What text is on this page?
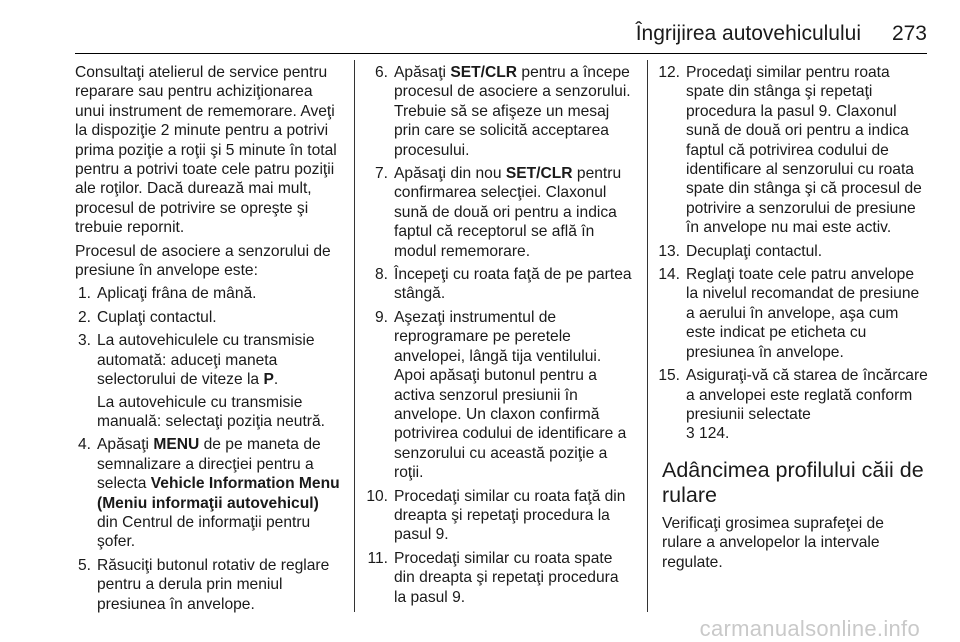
Îngrijirea autovehiculului 273

Consultaţi atelierul de service pentru reparare sau pentru achiziţionarea unui instrument de rememorare. Aveţi la dispoziţie 2 minute pentru a potrivi prima poziţie a roţii şi 5 minute în total pentru a potrivi toate cele patru poziţii ale roţilor. Dacă durează mai mult, procesul de potrivire se opreşte şi trebuie repornit.

Procesul de asociere a senzorului de presiune în anvelope este:

1. Aplicaţi frâna de mână.
2. Cuplaţi contactul.
3. La autovehiculele cu transmisie automată: aduceţi maneta selectorului de viteze la P.
La autovehicule cu transmisie manuală: selectaţi poziţia neutră.
4. Apăsaţi MENU de pe maneta de semnalizare a direcţiei pentru a selecta Vehicle Information Menu (Meniu informaţii autovehicul) din Centrul de informaţii pentru şofer.
5. Răsuciţi butonul rotativ de reglare pentru a derula prin meniul presiunea în anvelope.
6. Apăsaţi SET/CLR pentru a începe procesul de asociere a senzorului. Trebuie să se afişeze un mesaj prin care se solicită acceptarea procesului.
7. Apăsaţi din nou SET/CLR pentru confirmarea selecţiei. Claxonul sună de două ori pentru a indica faptul că receptorul se află în modul rememorare.
8. Începeţi cu roata faţă de pe partea stângă.
9. Aşezaţi instrumentul de reprogramare pe peretele anvelopei, lângă tija ventilului. Apoi apăsaţi butonul pentru a activa senzorul presiunii în anvelope. Un claxon confirmă potrivirea codului de identificare a senzorului cu această poziţie a roţii.
10. Procedaţi similar cu roata faţă din dreapta şi repetaţi procedura la pasul 9.
11. Procedaţi similar cu roata spate din dreapta şi repetaţi procedura la pasul 9.
12. Procedaţi similar pentru roata spate din stânga şi repetaţi procedura la pasul 9. Claxonul sună de două ori pentru a indica faptul că potrivirea codului de identificare al senzorului cu roata spate din stânga şi că procesul de potrivire a senzorului de presiune în anvelope nu mai este activ.
13. Decuplaţi contactul.
14. Reglaţi toate cele patru anvelope la nivelul recomandat de presiune a aerului în anvelope, aşa cum este indicat pe eticheta cu presiunea în anvelope.
15. Asiguraţi-vă că starea de încărcare a anvelopei este reglată conform presiunii selectate
3 124.
Adâncimea profilului căii de rulare

Verificaţi grosimea suprafeţei de rulare a anvelopelor la intervale regulate.

carmanualsonline.info
